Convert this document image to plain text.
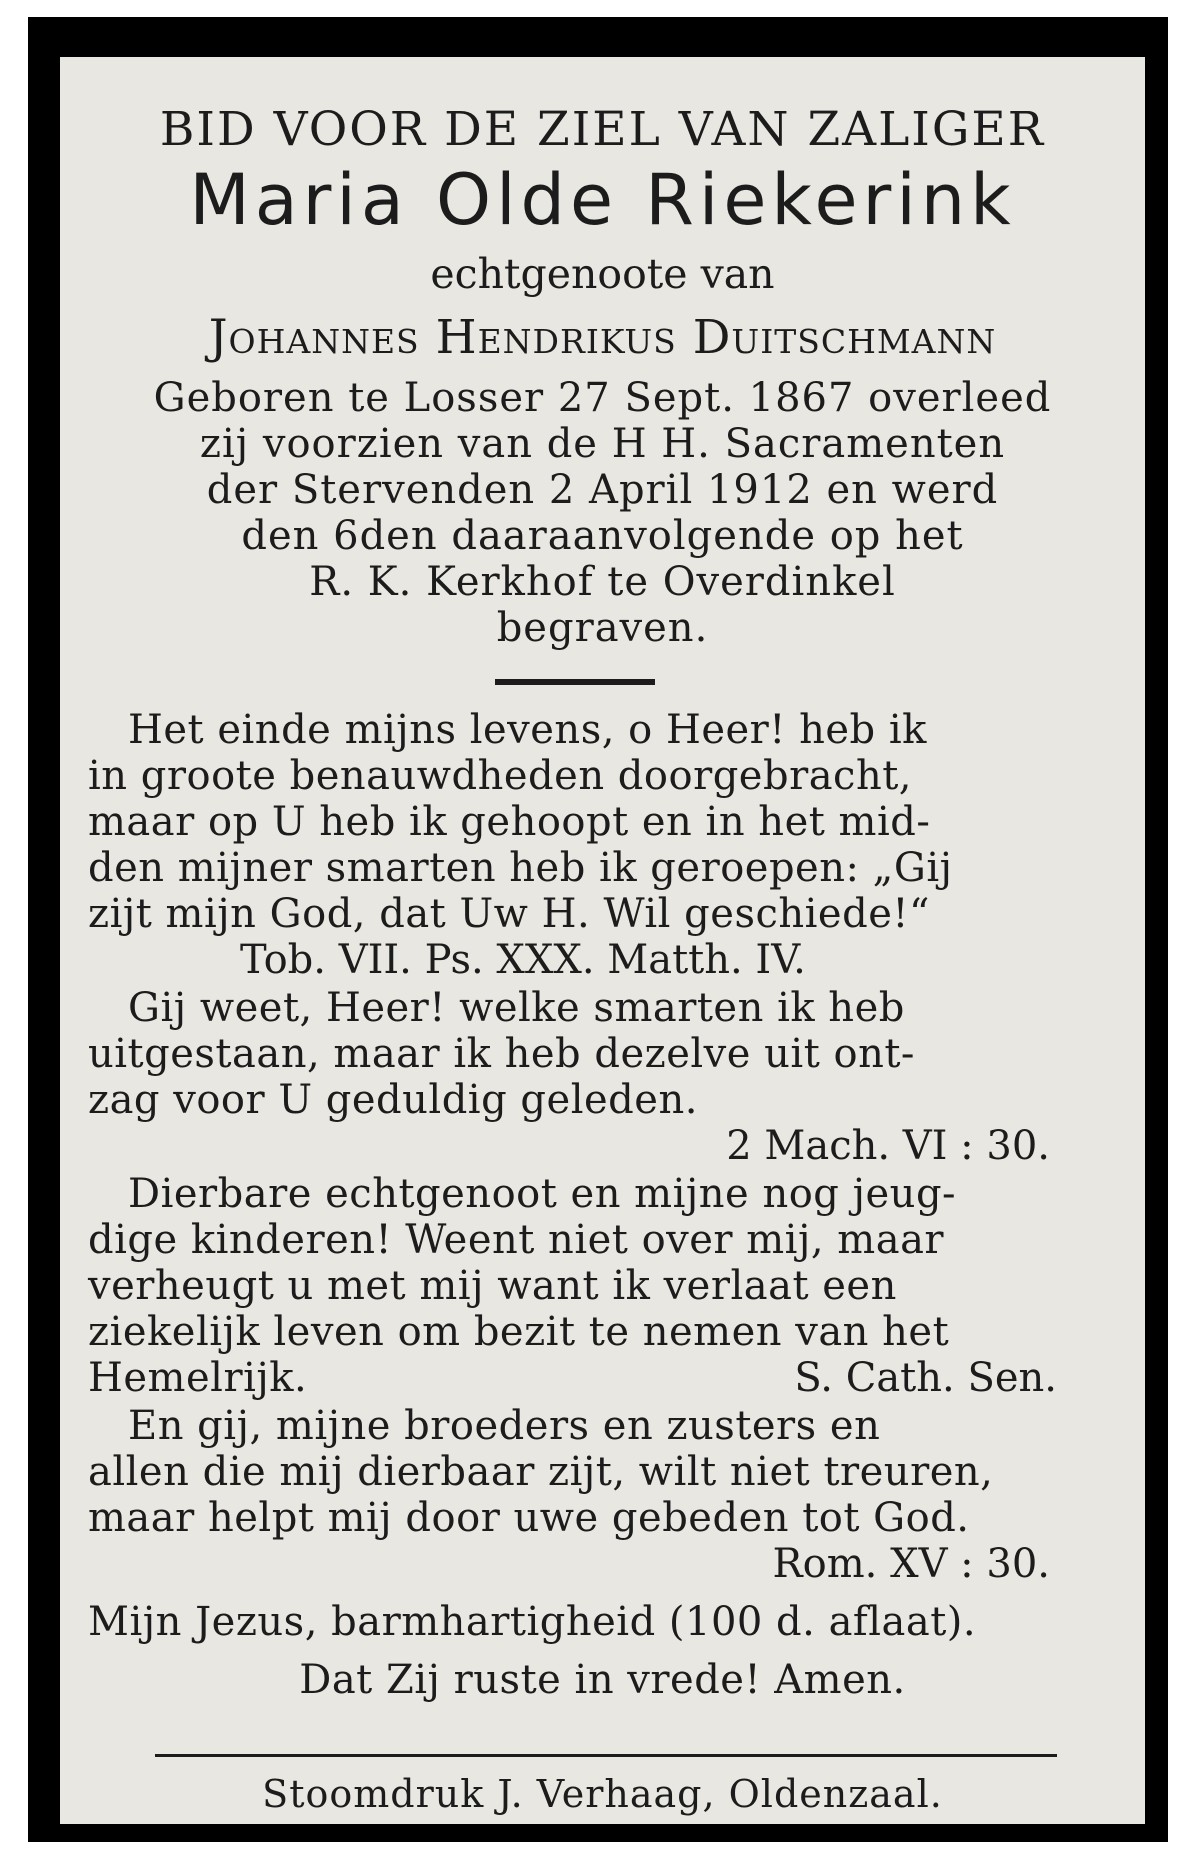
BID VOOR DE ZIEL VAN ZALIGER
Maria Olde Riekerink
echtgenoote van
Johannes Hendrikus Duitschmann
Geboren te Losser 27 Sept. 1867 overleed
zij voorzien van de H H. Sacramenten
der Stervenden 2 April 1912 en werd
den 6den daaraanvolgende op het
R. K. Kerkhof te Overdinkel
begraven.
Het einde mijns levens, o Heer! heb ik
in groote benauwdheden doorgebracht,
maar op U heb ik gehoopt en in het mid-
den mijner smarten heb ik geroepen: „Gij
zijt mijn God, dat Uw H. Wil geschiede!“
Tob. VII. Ps. XXX. Matth. IV.
Gij weet, Heer! welke smarten ik heb
uitgestaan, maar ik heb dezelve uit ont-
zag voor U geduldig geleden.
2 Mach. VI : 30.
Dierbare echtgenoot en mijne nog jeug-
dige kinderen! Weent niet over mij, maar
verheugt u met mij want ik verlaat een
ziekelijk leven om bezit te nemen van het
Hemelrijk.	S. Cath. Sen.
En gij, mijne broeders en zusters en
allen die mij dierbaar zijt, wilt niet treuren,
maar helpt mij door uwe gebeden tot God.
Rom. XV : 30.
Mijn Jezus, barmhartigheid (100 d. aflaat).
Dat Zij ruste in vrede! Amen.
Stoomdruk J. Verhaag, Oldenzaal.
